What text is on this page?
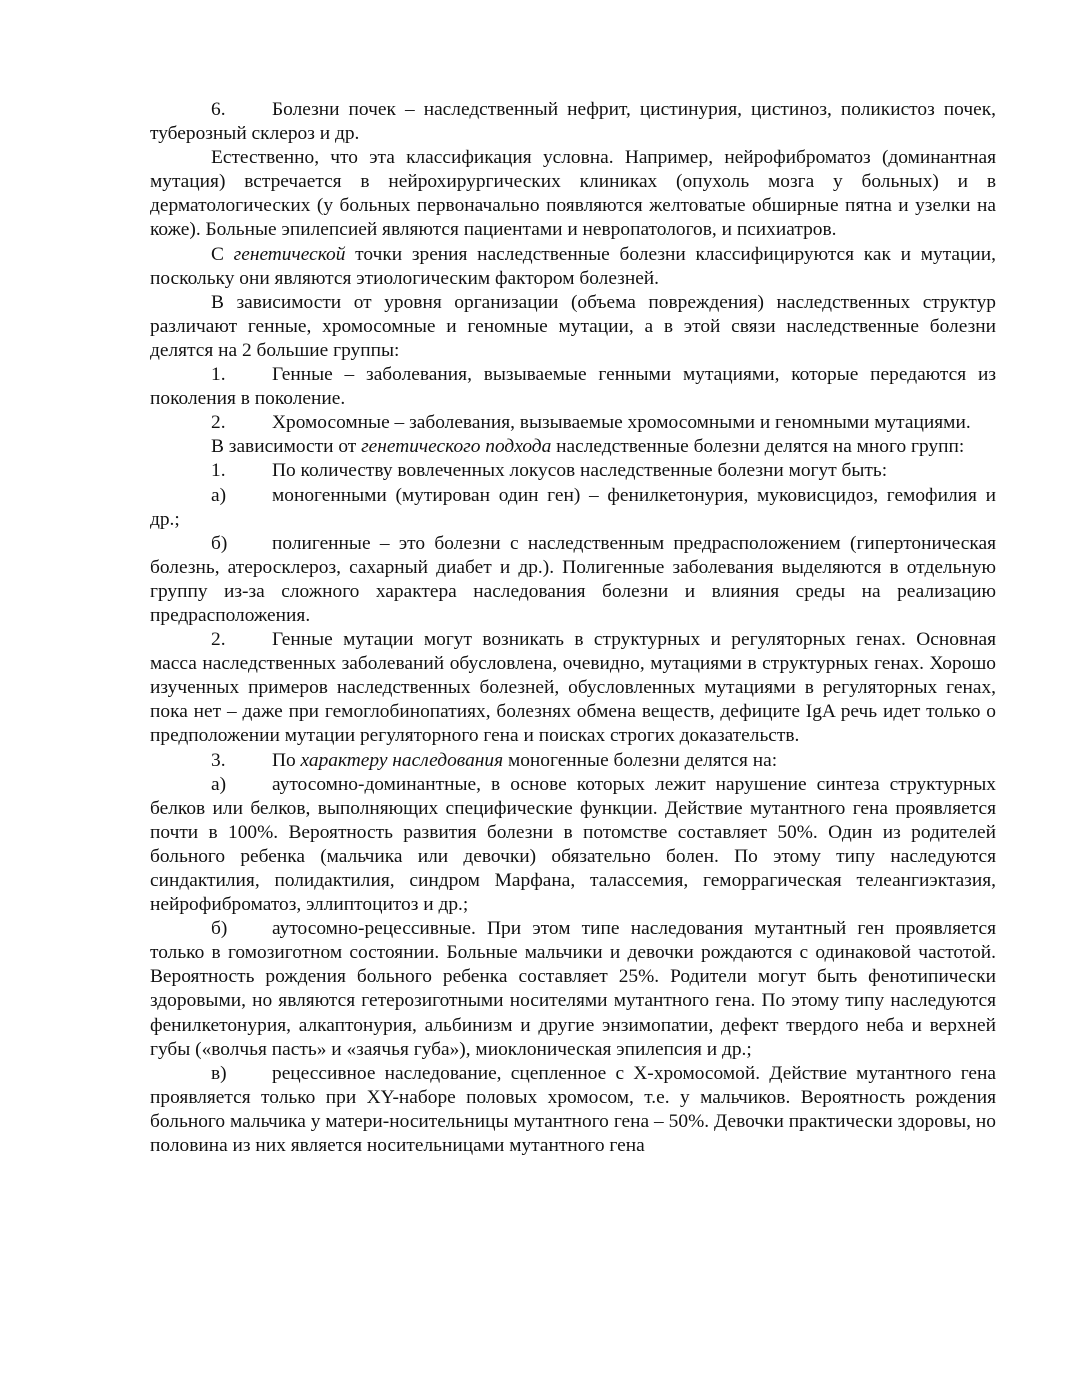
6. Болезни почек – наследственный нефрит, цистинурия, цистиноз, поликистоз почек, туберозный склероз и др.

Естественно, что эта классификация условна. Например, нейрофиброматоз (доминантная мутация) встречается в нейрохирургических клиниках (опухоль мозга у больных) и в дерматологических (у больных первоначально появляются желтоватые обширные пятна и узелки на коже). Больные эпилепсией являются пациентами и невропатологов, и психиатров.

С генетической точки зрения наследственные болезни классифицируются как и мутации, поскольку они являются этиологическим фактором болезней.

В зависимости от уровня организации (объема повреждения) наследственных структур различают генные, хромосомные и геномные мутации, а в этой связи наследственные болезни делятся на 2 большие группы:

1. Генные – заболевания, вызываемые генными мутациями, которые передаются из поколения в поколение.

2. Хромосомные – заболевания, вызываемые хромосомными и геномными мутациями.

В зависимости от генетического подхода наследственные болезни делятся на много групп:

1. По количеству вовлеченных локусов наследственные болезни могут быть:

а) моногенными (мутирован один ген) – фенилкетонурия, муковисцидоз, гемофилия и др.;

б) полигенные – это болезни с наследственным предрасположением (гипертоническая болезнь, атеросклероз, сахарный диабет и др.). Полигенные заболевания выделяются в отдельную группу из-за сложного характера наследования болезни и влияния среды на реализацию предрасположения.

2. Генные мутации могут возникать в структурных и регуляторных генах. Основная масса наследственных заболеваний обусловлена, очевидно, мутациями в структурных генах. Хорошо изученных примеров наследственных болезней, обусловленных мутациями в регуляторных генах, пока нет – даже при гемоглобинопатиях, болезнях обмена веществ, дефиците IgA речь идет только о предположении мутации регуляторного гена и поисках строгих доказательств.

3. По характеру наследования моногенные болезни делятся на:

а) аутосомно-доминантные, в основе которых лежит нарушение синтеза структурных белков или белков, выполняющих специфические функции. Действие мутантного гена проявляется почти в 100%. Вероятность развития болезни в потомстве составляет 50%. Один из родителей больного ребенка (мальчика или девочки) обязательно болен. По этому типу наследуются синдактилия, полидактилия, синдром Марфана, талассемия, геморрагическая телеангиэктазия, нейрофиброматоз, эллиптоцитоз и др.;

б) аутосомно-рецессивные. При этом типе наследования мутантный ген проявляется только в гомозиготном состоянии. Больные мальчики и девочки рождаются с одинаковой частотой. Вероятность рождения больного ребенка составляет 25%. Родители могут быть фенотипически здоровыми, но являются гетерозиготными носителями мутантного гена. По этому типу наследуются фенилкетонурия, алкаптонурия, альбинизм и другие энзимопатии, дефект твердого неба и верхней губы («волчья пасть» и «заячья губа»), миоклоническая эпилепсия и др.;

в) рецессивное наследование, сцепленное с Х-хромосомой. Действие мутантного гена проявляется только при ХY-наборе половых хромосом, т.е. у мальчиков. Вероятность рождения больного мальчика у матери-носительницы мутантного гена – 50%. Девочки практически здоровы, но половина из них является носительницами мутантного гена
